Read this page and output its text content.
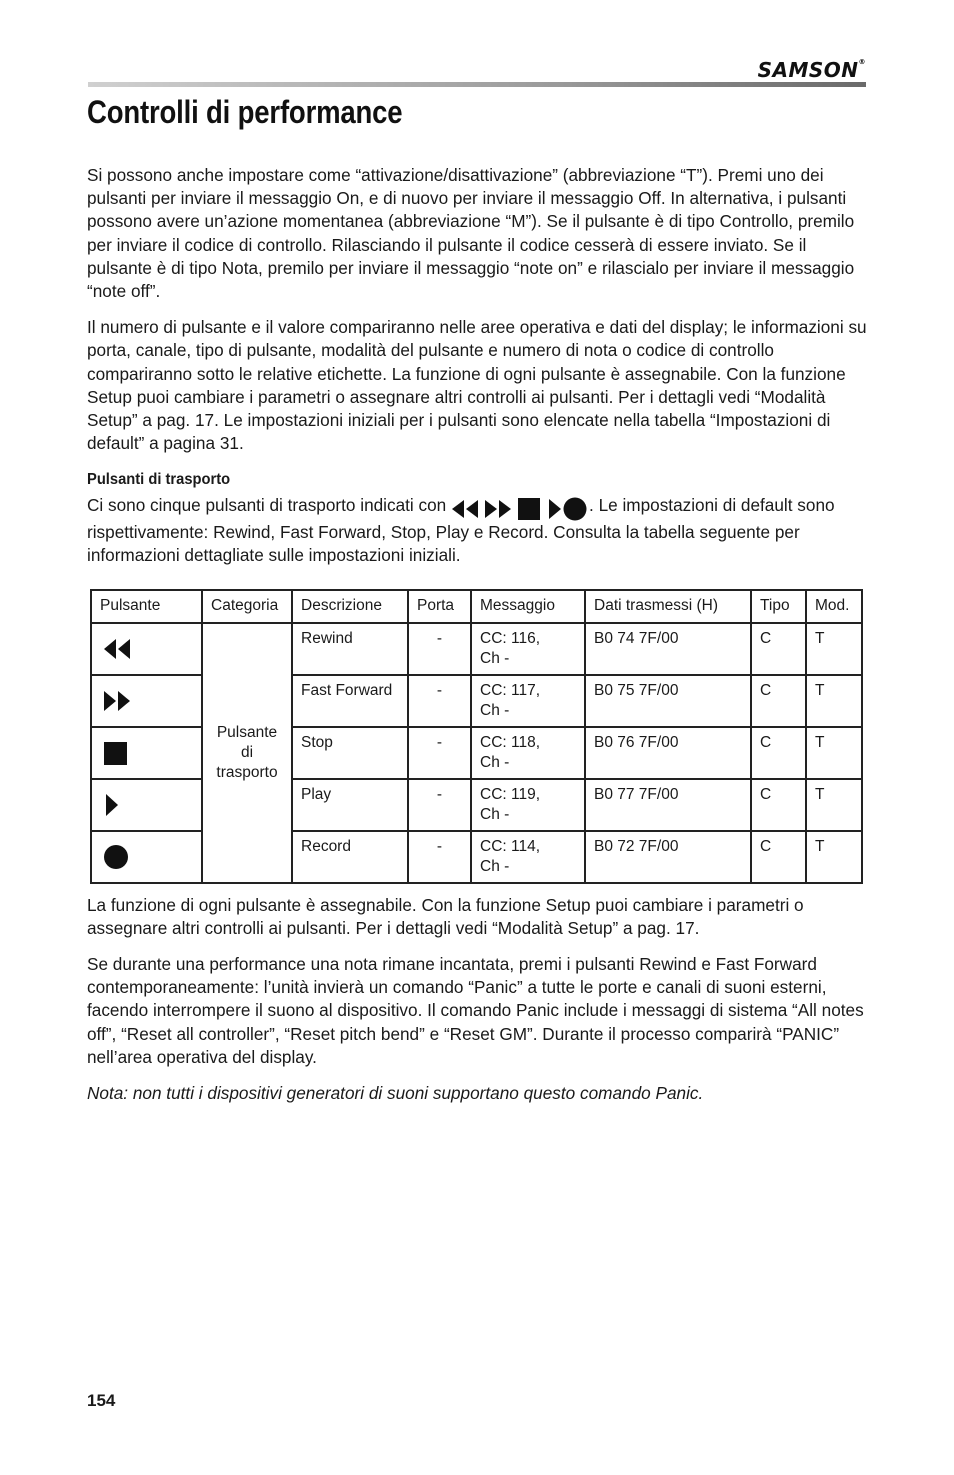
SAMSON®
Controlli di performance

Si possono anche impostare come “attivazione/disattivazione” (abbreviazione “T”). Premi uno dei pulsanti per inviare il messaggio On, e di nuovo per inviare il messaggio Off. In alternativa, i pulsanti possono avere un’azione momentanea (abbreviazione “M”). Se il pulsante è di tipo Controllo, premilo per inviare il codice di controllo. Rilasciando il pulsante il codice cesserà di essere inviato. Se il pulsante è di tipo Nota, premilo per inviare il messaggio “note on” e rilascialo per inviare il messaggio “note off”.

Il numero di pulsante e il valore compariranno nelle aree operativa e dati del display; le informazioni su porta, canale, tipo di pulsante, modalità del pulsante e numero di nota o codice di controllo compariranno sotto le relative etichette. La funzione di ogni pulsante è assegnabile. Con la funzione Setup puoi cambiare i parametri o assegnare altri controlli ai pulsanti. Per i dettagli vedi “Modalità Setup” a pag. 17. Le impostazioni iniziali per i pulsanti sono elencate nella tabella “Impostazioni di default” a pagina 31.

Pulsanti di trasporto

Ci sono cinque pulsanti di trasporto indicati con	. Le impostazioni di default sono rispettivamente: Rewind, Fast Forward, Stop, Play e Record. Consulta la tabella seguente per informazioni dettagliate sulle impostazioni iniziali.

Pulsante	Categoria	Descrizione	Porta	Messaggio	Dati trasmessi (H)	Tipo	Mod.

	Pulsante di trasporto	Rewind	-	CC: 116,
Ch -	B0 74 7F/00	C	T

	Fast Forward	-	CC: 117,
Ch -	B0 75 7F/00	C	T

	Stop	-	CC: 118,
Ch -	B0 76 7F/00	C	T

	Play	-	CC: 119,
Ch -	B0 77 7F/00	C	T

	Record	-	CC: 114,
Ch -	B0 72 7F/00	C	T

La funzione di ogni pulsante è assegnabile. Con la funzione Setup puoi cambiare i parametri o assegnare altri controlli ai pulsanti. Per i dettagli vedi “Modalità Setup” a pag. 17.

Se durante una performance una nota rimane incantata, premi i pulsanti Rewind e Fast Forward contemporaneamente: l’unità invierà un comando “Panic” a tutte le porte e canali di suoni esterni, facendo interrompere il suono al dispositivo. Il comando Panic include i messaggi di sistema “All notes off”, “Reset all controller”, “Reset pitch bend” e “Reset GM”. Durante il processo comparirà “PANIC” nell’area operativa del display.

Nota: non tutti i dispositivi generatori di suoni supportano questo comando Panic.

154
